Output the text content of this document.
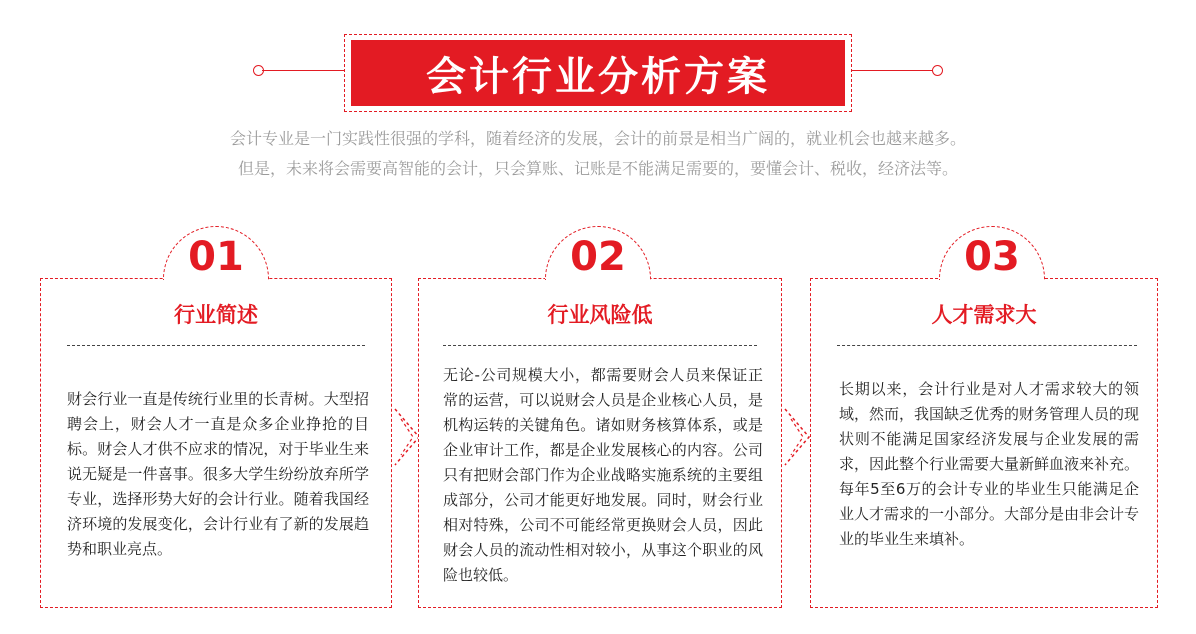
会计行业分析方案
会计专业是一门实践性很强的学科，随着经济的发展，会计的前景是相当广阔的，就业机会也越来越多。
但是，未来将会需要高智能的会计，只会算账、记账是不能满足需要的，要懂会计、税收，经济法等。
行业简述
财会行业一直是传统行业里的长青树。大型招聘会上，财会人才一直是众多企业挣抢的目标。财会人才供不应求的情况，对于毕业生来说无疑是一件喜事。很多大学生纷纷放弃所学专业，选择形势大好的会计行业。随着我国经济环境的发展变化，会计行业有了新的发展趋势和职业亮点。
01
行业风险低
无论-公司规模大小，都需要财会人员来保证正常的运营，可以说财会人员是企业核心人员，是机构运转的关键角色。诸如财务核算体系，或是企业审计工作，都是企业发展核心的内容。公司只有把财会部门作为企业战略实施系统的主要组成部分，公司才能更好地发展。同时，财会行业相对特殊，公司不可能经常更换财会人员，因此财会人员的流动性相对较小，从事这个职业的风险也较低。
02
人才需求大
长期以来，会计行业是对人才需求较大的领域，然而，我国缺乏优秀的财务管理人员的现状则不能满足国家经济发展与企业发展的需求，因此整个行业需要大量新鲜血液来补充。每年5至6万的会计专业的毕业生只能满足企业人才需求的一小部分。大部分是由非会计专业的毕业生来填补。
03
